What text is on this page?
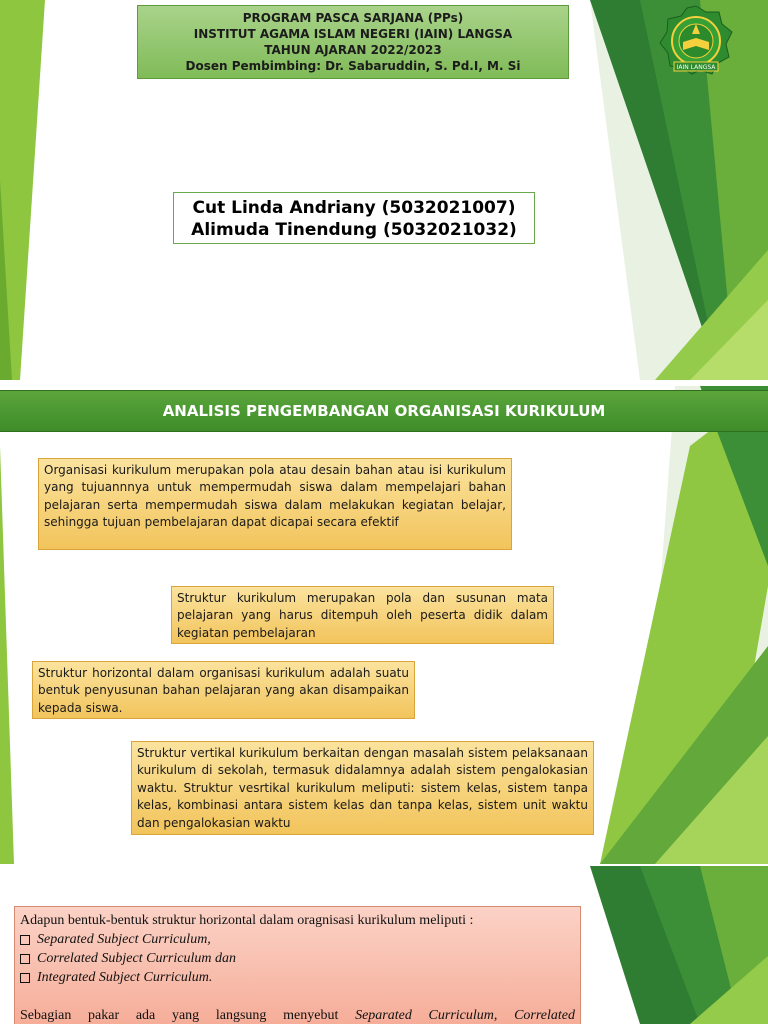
PROGRAM PASCA SARJANA (PPs)
INSTITUT AGAMA ISLAM NEGERI (IAIN) LANGSA
TAHUN AJARAN 2022/2023
Dosen Pembimbing: Dr. Sabaruddin, S. Pd.I, M. Si	IAIN LANGSA
Cut Linda Andriany (5032021007)
Alimuda Tinendung (5032021032)
ANALISIS PENGEMBANGAN ORGANISASI KURIKULUM
Organisasi kurikulum merupakan pola atau desain bahan atau isi kurikulum yang tujuannnya untuk mempermudah siswa dalam mempelajari bahan pelajaran serta mempermudah siswa dalam melakukan kegiatan belajar, sehingga tujuan pembelajaran dapat dicapai secara efektif
Struktur kurikulum merupakan pola dan susunan mata pelajaran yang harus ditempuh oleh peserta didik dalam kegiatan pembelajaran
Struktur horizontal dalam organisasi kurikulum adalah suatu bentuk penyusunan bahan pelajaran yang akan disampaikan kepada siswa.
Struktur vertikal kurikulum berkaitan dengan masalah sistem pelaksanaan kurikulum di sekolah, termasuk didalamnya adalah sistem pengalokasian waktu. Struktur vesrtikal kurikulum meliputi: sistem kelas, sistem tanpa kelas, kombinasi antara sistem kelas dan tanpa kelas, sistem unit waktu dan pengalokasian waktu
Adapun bentuk-bentuk struktur horizontal dalam oragnisasi kurikulum meliputi :
Separated Subject Curriculum,
Correlated Subject Curriculum dan
Integrated Subject Curriculum.
Sebagian pakar ada yang langsung menyebut Separated Curriculum, Correlated
